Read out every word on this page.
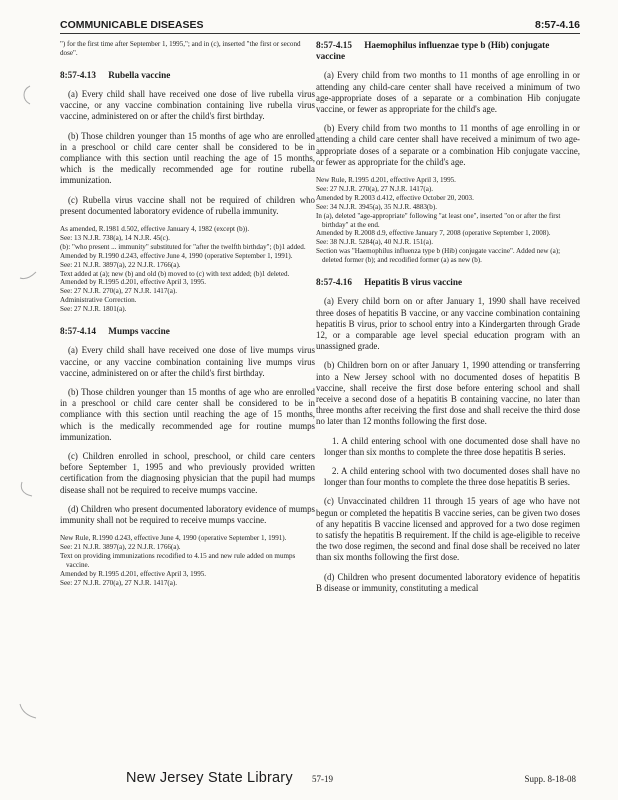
COMMUNICABLE DISEASES	8:57-4.16

") for the first time after September 1, 1995,"; and in (c), inserted "the first or second dose".

8:57-4.13 Rubella vaccine

(a) Every child shall have received one dose of live rubella virus vaccine, or any vaccine combination containing live rubella virus vaccine, administered on or after the child's first birthday.

(b) Those children younger than 15 months of age who are enrolled in a preschool or child care center shall be considered to be in compliance with this section until reaching the age of 15 months, which is the medically recommended age for routine rubella immunization.

(c) Rubella virus vaccine shall not be required of children who present documented laboratory evidence of rubella immunity.

As amended, R.1981 d.502, effective January 4, 1982 (except (b)).
See: 13 N.J.R. 738(a), 14 N.J.R. 45(c).
(b): "who present ... immunity" substituted for "after the twelfth birthday"; (b)1 added.
Amended by R.1990 d.243, effective June 4, 1990 (operative September 1, 1991).
See: 21 N.J.R. 3897(a), 22 N.J.R. 1766(a).
Text added at (a); new (b) and old (b) moved to (c) with text added; (b)1 deleted.
Amended by R.1995 d.201, effective April 3, 1995.
See: 27 N.J.R. 270(a), 27 N.J.R. 1417(a).
Administrative Correction.
See: 27 N.J.R. 1801(a).
8:57-4.14 Mumps vaccine

(a) Every child shall have received one dose of live mumps virus vaccine, or any vaccine combination containing live mumps virus vaccine, administered on or after the child's first birthday.

(b) Those children younger than 15 months of age who are enrolled in a preschool or child care center shall be considered to be in compliance with this section until reaching the age of 15 months, which is the medically recommended age for routine mumps immunization.

(c) Children enrolled in school, preschool, or child care centers before September 1, 1995 and who previously provided written certification from the diagnosing physician that the pupil had mumps disease shall not be required to receive mumps vaccine.

(d) Children who present documented laboratory evidence of mumps immunity shall not be required to receive mumps vaccine.

New Rule, R.1990 d.243, effective June 4, 1990 (operative September 1, 1991).
See: 21 N.J.R. 3897(a), 22 N.J.R. 1766(a).
Text on providing immunizations recodified to 4.15 and new rule added on mumps vaccine.
Amended by R.1995 d.201, effective April 3, 1995.
See: 27 N.J.R. 270(a), 27 N.J.R. 1417(a).
8:57-4.15 Haemophilus influenzae type b (Hib) conjugate vaccine

(a) Every child from two months to 11 months of age enrolling in or attending any child-care center shall have received a minimum of two age-appropriate doses of a separate or a combination Hib conjugate vaccine, or fewer as appropriate for the child's age.

(b) Every child from two months to 11 months of age enrolling in or attending a child care center shall have received a minimum of two age-appropriate doses of a separate or a combination Hib conjugate vaccine, or fewer as appropriate for the child's age.

New Rule, R.1995 d.201, effective April 3, 1995.
See: 27 N.J.R. 270(a), 27 N.J.R. 1417(a).
Amended by R.2003 d.412, effective October 20, 2003.
See: 34 N.J.R. 3945(a), 35 N.J.R. 4883(b).
In (a), deleted "age-appropriate" following "at least one", inserted "on or after the first birthday" at the end.
Amended by R.2008 d.9, effective January 7, 2008 (operative September 1, 2008).
See: 38 N.J.R. 5284(a), 40 N.J.R. 151(a).
Section was "Haemophilus influenza type b (Hib) conjugate vaccine". Added new (a); deleted former (b); and recodified former (a) as new (b).
8:57-4.16 Hepatitis B virus vaccine

(a) Every child born on or after January 1, 1990 shall have received three doses of hepatitis B vaccine, or any vaccine combination containing hepatitis B virus, prior to school entry into a Kindergarten through Grade 12, or a comparable age level special education program with an unassigned grade.

(b) Children born on or after January 1, 1990 attending or transferring into a New Jersey school with no documented doses of hepatitis B vaccine, shall receive the first dose before entering school and shall receive a second dose of a hepatitis B containing vaccine, no later than three months after receiving the first dose and shall receive the third dose no later than 12 months following the first dose.

1. A child entering school with one documented dose shall have no longer than six months to complete the three dose hepatitis B series.

2. A child entering school with two documented doses shall have no longer than four months to complete the three dose hepatitis B series.

(c) Unvaccinated children 11 through 15 years of age who have not begun or completed the hepatitis B vaccine series, can be given two doses of any hepatitis B vaccine licensed and approved for a two dose regimen to satisfy the hepatitis B requirement. If the child is age-eligible to receive the two dose regimen, the second and final dose shall be received no later than six months following the first dose.

(d) Children who present documented laboratory evidence of hepatitis B disease or immunity, constituting a medical

New Jersey State Library 57-19	Supp. 8-18-08
